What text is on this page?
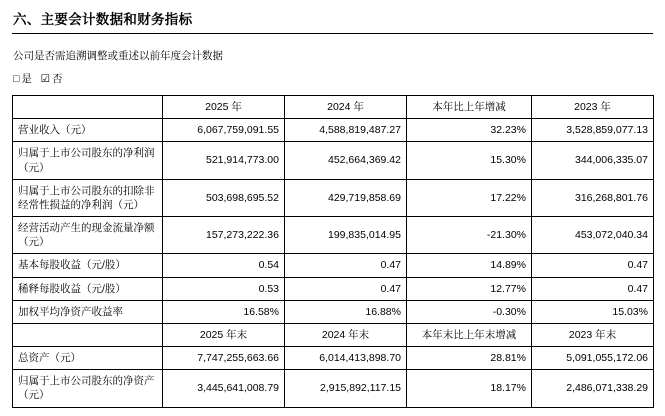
六、主要会计数据和财务指标
公司是否需追溯调整或重述以前年度会计数据
□ 是 ☑ 否
	2025 年	2024 年	本年比上年增减	2023 年
营业收入（元）	6,067,759,091.55	4,588,819,487.27	32.23%	3,528,859,077.13
归属于上市公司股东的净利润（元）	521,914,773.00	452,664,369.42	15.30%	344,006,335.07
归属于上市公司股东的扣除非经常性损益的净利润（元）	503,698,695.52	429,719,858.69	17.22%	316,268,801.76
经营活动产生的现金流量净额（元）	157,273,222.36	199,835,014.95	-21.30%	453,072,040.34
基本每股收益（元/股）	0.54	0.47	14.89%	0.47
稀释每股收益（元/股）	0.53	0.47	12.77%	0.47
加权平均净资产收益率	16.58%	16.88%	-0.30%	15.03%
	2025 年末	2024 年末	本年末比上年末增减	2023 年末
总资产（元）	7,747,255,663.66	6,014,413,898.70	28.81%	5,091,055,172.06
归属于上市公司股东的净资产（元）	3,445,641,008.79	2,915,892,117.15	18.17%	2,486,071,338.29
